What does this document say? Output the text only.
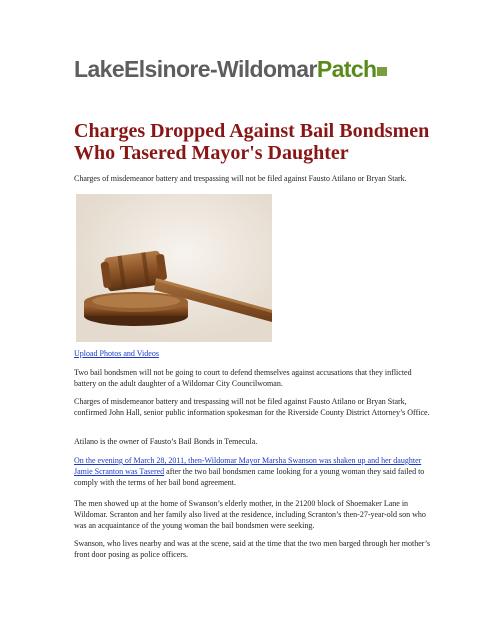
LakeElsinore-WildomarPatch
Charges Dropped Against Bail Bondsmen
Who Tasered Mayor's Daughter
Charges of misdemeanor battery and trespassing will not be filed against Fausto Atilano or Bryan Stark.
Upload Photos and Videos

Two bail bondsmen will not be going to court to defend themselves against accusations that they inflicted battery on the adult daughter of a Wildomar City Councilwoman.

Charges of misdemeanor battery and trespassing will not be filed against Fausto Atilano or Bryan Stark, confirmed John Hall, senior public information spokesman for the Riverside County District Attorney’s Office.

Atilano is the owner of Fausto’s Bail Bonds in Temecula.

On the evening of March 28, 2011, then-Wildomar Mayor Marsha Swanson was shaken up and her daughter Jamie Scranton was Tasered after the two bail bondsmen came looking for a young woman they said failed to comply with the terms of her bail bond agreement.

The men showed up at the home of Swanson’s elderly mother, in the 21200 block of Shoemaker Lane in Wildomar. Scranton and her family also lived at the residence, including Scranton’s then-27-year-old son who was an acquaintance of the young woman the bail bondsmen were seeking.

Swanson, who lives nearby and was at the scene, said at the time that the two men barged through her mother’s front door posing as police officers.
